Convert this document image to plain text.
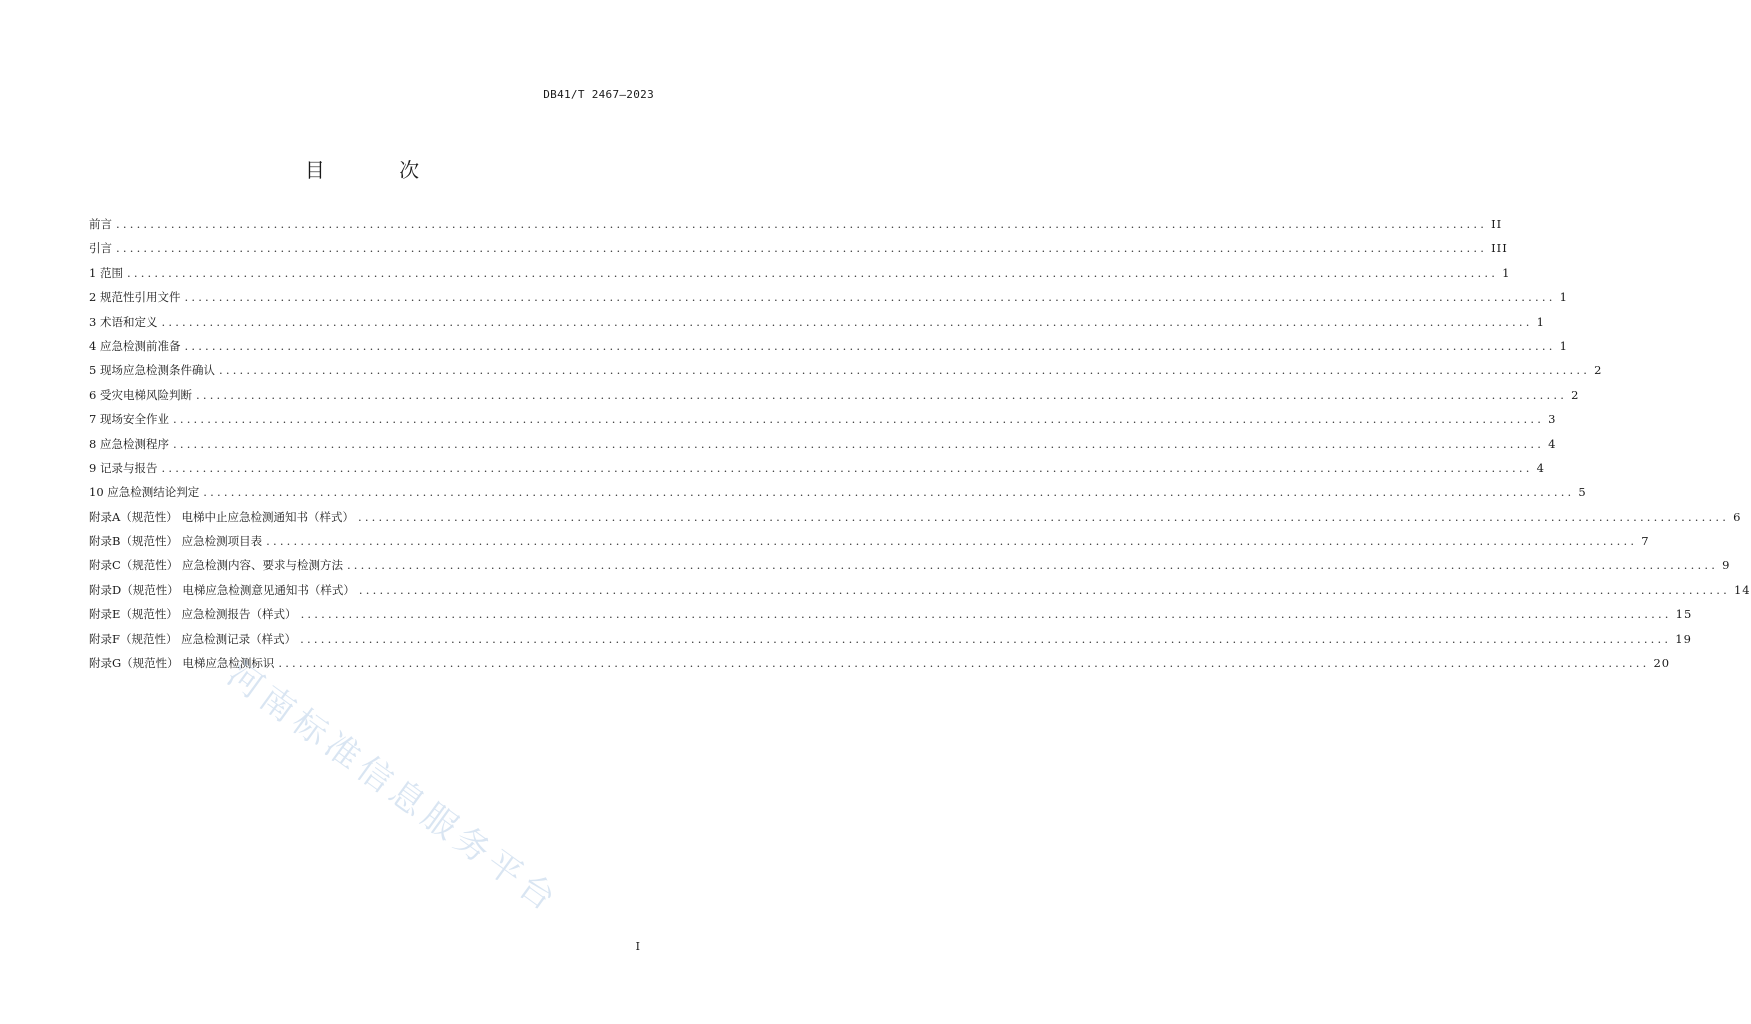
DB41/T 2467—2023
目 次
前言 ........................................................................................................................................................................................................ II
引言 ........................................................................................................................................................................................................ III
1 范围 ........................................................................................................................................................................................................ 1
2 规范性引用文件 ........................................................................................................................................................................................................ 1
3 术语和定义 ........................................................................................................................................................................................................ 1
4 应急检测前准备 ........................................................................................................................................................................................................ 1
5 现场应急检测条件确认 ........................................................................................................................................................................................................ 2
6 受灾电梯风险判断 ........................................................................................................................................................................................................ 2
7 现场安全作业 ........................................................................................................................................................................................................ 3
8 应急检测程序 ........................................................................................................................................................................................................ 4
9 记录与报告 ........................................................................................................................................................................................................ 4
10 应急检测结论判定 ........................................................................................................................................................................................................ 5
附录A（规范性） 电梯中止应急检测通知书（样式） ........................................................................................................................................................................................................ 6
附录B（规范性） 应急检测项目表 ........................................................................................................................................................................................................ 7
附录C（规范性） 应急检测内容、要求与检测方法 ........................................................................................................................................................................................................ 9
附录D（规范性） 电梯应急检测意见通知书（样式） ........................................................................................................................................................................................................ 14
附录E（规范性） 应急检测报告（样式） ........................................................................................................................................................................................................ 15
附录F（规范性） 应急检测记录（样式） ........................................................................................................................................................................................................ 19
附录G（规范性） 电梯应急检测标识 ........................................................................................................................................................................................................ 20
河南标准信息服务平台
I
